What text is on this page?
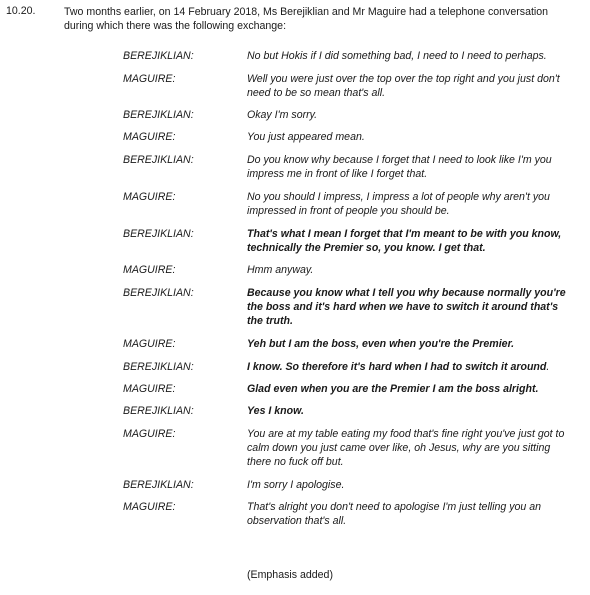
10.20.	Two months earlier, on 14 February 2018, Ms Berejiklian and Mr Maguire had a telephone conversation during which there was the following exchange:
BEREJIKLIAN:	No but Hokis if I did something bad, I need to I need to perhaps.
MAGUIRE:	Well you were just over the top over the top right and you just don't need to be so mean that's all.
BEREJIKLIAN:	Okay I'm sorry.
MAGUIRE:	You just appeared mean.
BEREJIKLIAN:	Do you know why because I forget that I need to look like I'm you impress me in front of like I forget that.
MAGUIRE:	No you should I impress, I impress a lot of people why aren't you impressed in front of people you should be.
BEREJIKLIAN:	That's what I mean I forget that I'm meant to be with you know, technically the Premier so, you know. I get that.
MAGUIRE:	Hmm anyway.
BEREJIKLIAN:	Because you know what I tell you why because normally you're the boss and it's hard when we have to switch it around that's the truth.
MAGUIRE:	Yeh but I am the boss, even when you're the Premier.
BEREJIKLIAN:	I know. So therefore it's hard when I had to switch it around.
MAGUIRE:	Glad even when you are the Premier I am the boss alright.
BEREJIKLIAN:	Yes I know.
MAGUIRE:	You are at my table eating my food that's fine right you've just got to calm down you just came over like, oh Jesus, why are you sitting there no fuck off but.
BEREJIKLIAN:	I'm sorry I apologise.
MAGUIRE:	That's alright you don't need to apologise I'm just telling you an observation that's all.
(Emphasis added)
